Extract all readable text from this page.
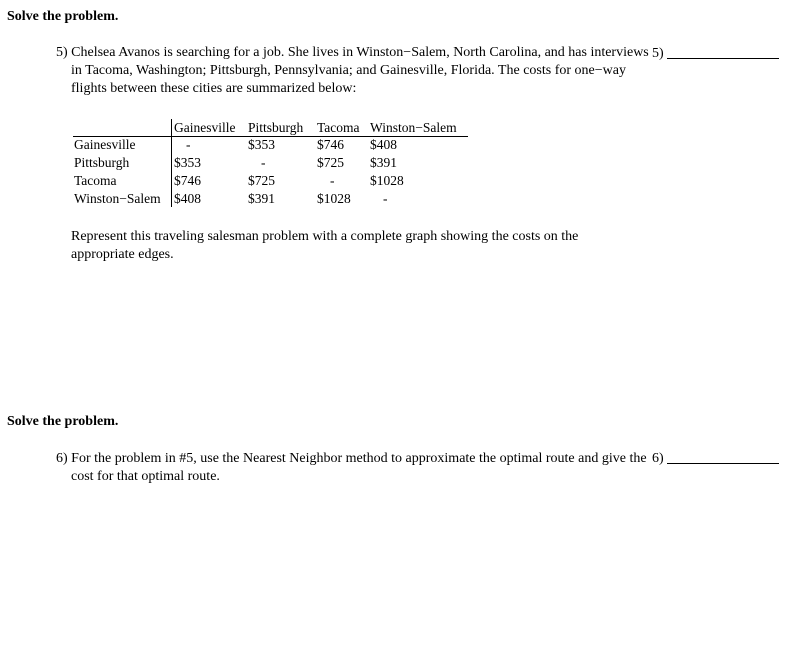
Solve the problem.
5) Chelsea Avanos is searching for a job. She lives in Winston−Salem, North Carolina, and has interviews in Tacoma, Washington; Pittsburgh, Pennsylvania; and Gainesville, Florida. The costs for one−way flights between these cities are summarized below:
5)
Gainesville Pittsburgh Tacoma Winston−Salem
Gainesville	-	$353	$746 $408
Pittsburgh	$353	-	$725 $391
Tacoma	$746	$725	-	$1028
Winston−Salem $408	$391	$1028 -
Represent this traveling salesman problem with a complete graph showing the costs on the appropriate edges.
Solve the problem.
6) For the problem in #5, use the Nearest Neighbor method to approximate the optimal route and give the cost for that optimal route.
6)
